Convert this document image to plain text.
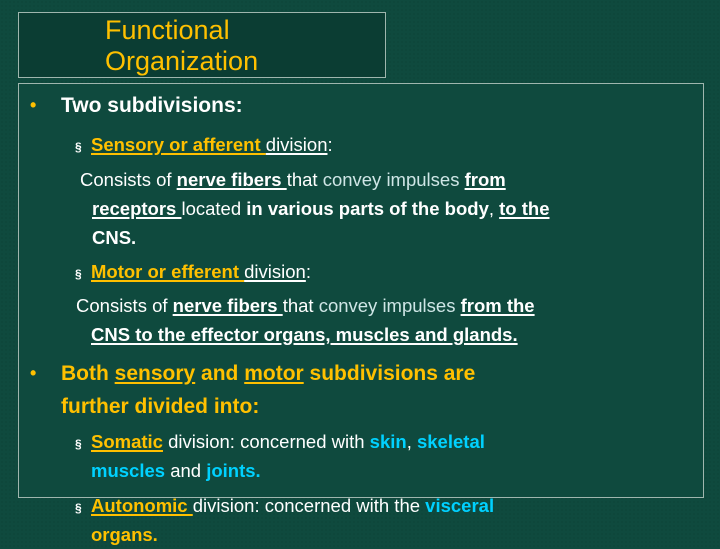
Functional
Organization
•	Two subdivisions:
§ Sensory or afferent division:
Consists of nerve fibers that convey impulses from
receptors located in various parts of the body, to the
CNS.
§ Motor or efferent division:
Consists of nerve fibers that convey impulses from the
CNS to the effector organs, muscles and glands.
•	Both sensory and motor subdivisions are
further divided into:
§ Somatic division: concerned with skin, skeletal
muscles and joints.
§ Autonomic division: concerned with the visceral
organs.
